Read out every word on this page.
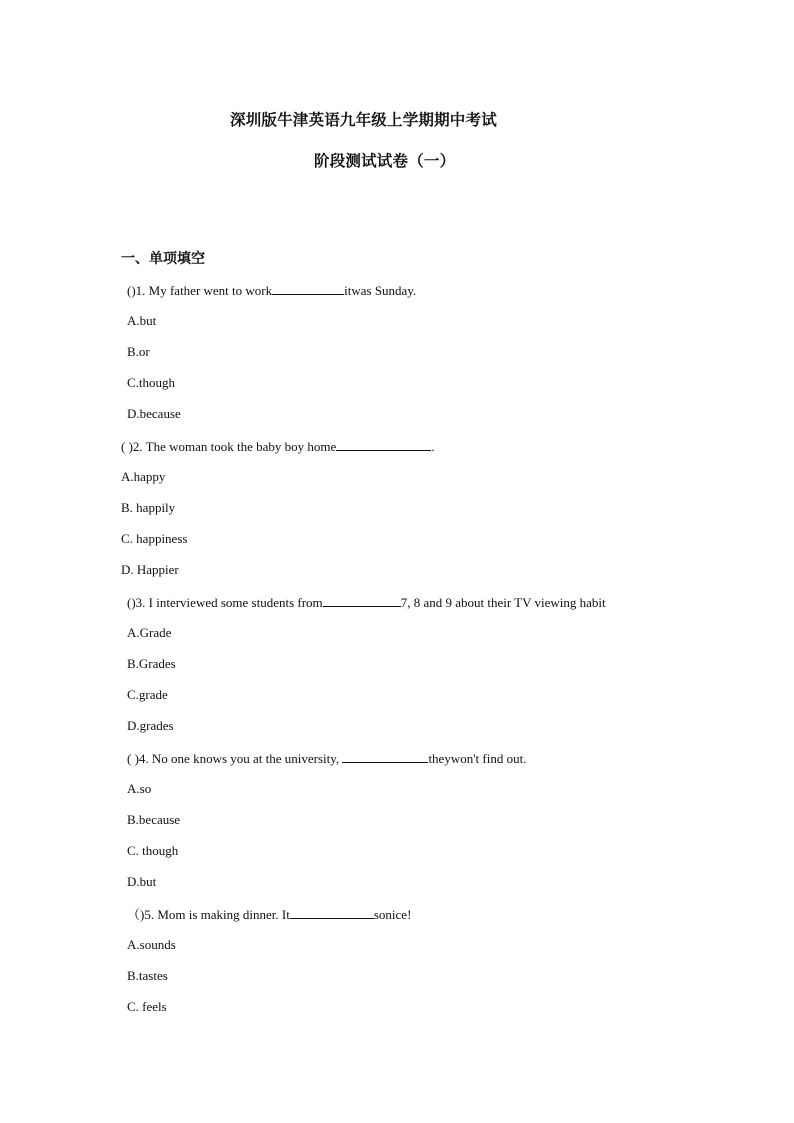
深圳版牛津英语九年级上学期期中考试
阶段测试试卷（一）
一、单项填空
()1. My father went to work	itwas Sunday.
A.but
B.or
C.though
D.because
( )2. The woman took the baby boy home	.
A.happy
B. happily
C. happiness
D. Happier
()3. I interviewed some students from	7, 8 and 9 about their TV viewing habit
A.Grade
B.Grades
C.grade
D.grades
( )4. No one knows you at the university,	theywon't find out.
A.so
B.because
C. though
D.but
（)5. Mom is making dinner. It	sonice!
A.sounds
B.tastes
C. feels
